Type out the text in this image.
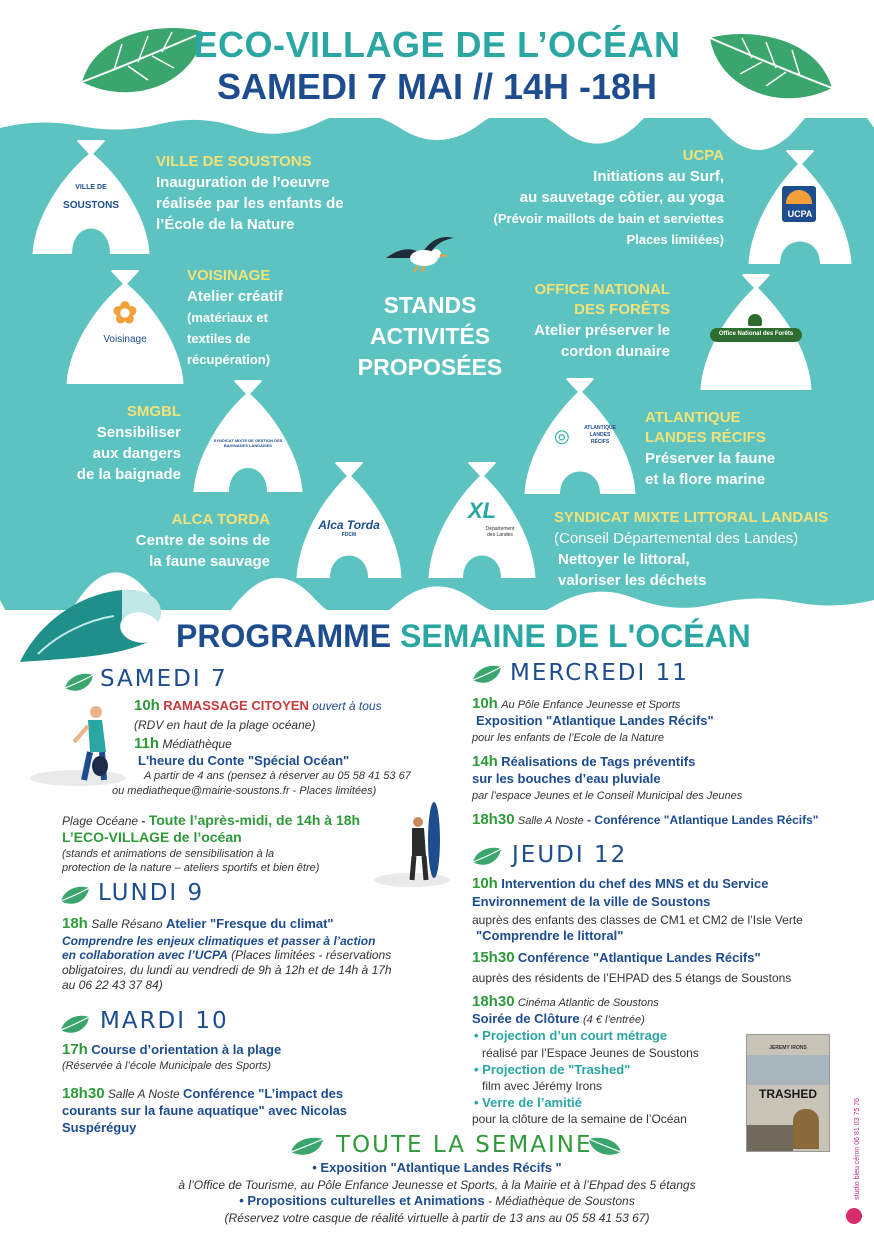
ECO-VILLAGE DE L’OCÉAN
SAMEDI 7 MAI // 14H -18H
VILLE DE
SOUSTONS
✿
Voisinage
SYNDICAT MIXTE DE GESTION DES BAIGNADES LANDAISES
Alca Torda
FDCM
XL
Département
des Landes
ATLANTIQUE
LANDES
RÉCIFS
◎
Office National des Forêts
UCPA
STANDS
ACTIVITÉS
PROPOSÉES
VILLE DE SOUSTONS
Inauguration de l'oeuvre
réalisée par les enfants de
l’École de la Nature
UCPA
Initiations au Surf,
au sauvetage côtier, au yoga
(Prévoir maillots de bain et serviettes
Places limitées)
VOISINAGE
Atelier créatif
(matériaux et
textiles de
récupération)
OFFICE NATIONAL
DES FORÊTS
Atelier préserver le
cordon dunaire
SMGBL
Sensibiliser
aux dangers
de la baignade
ATLANTIQUE
LANDES RÉCIFS
Préserver la faune
et la flore marine
ALCA TORDA
Centre de soins de
la faune sauvage
SYNDICAT MIXTE LITTORAL LANDAIS
(Conseil Départemental des Landes)
Nettoyer le littoral,
valoriser les déchets
PROGRAMME SEMAINE DE L'OCÉAN
SAMEDI 7
10h RAMASSAGE CITOYEN ouvert à tous
(RDV en haut de la plage océane)
11h Médiathèque
L'heure du Conte "Spécial Océan"
A partir de 4 ans (pensez à réserver au 05 58 41 53 67
ou mediatheque@mairie-soustons.fr - Places limitées)
Plage Océane - Toute l’après-midi, de 14h à 18h
L’ECO-VILLAGE de l’océan
(stands et animations de sensibilisation à la
protection de la nature – ateliers sportifs et bien être)
LUNDI 9
18h Salle Résano Atelier "Fresque du climat"
Comprendre les enjeux climatiques et passer à l’action
en collaboration avec l’UCPA (Places limitées - réservations
obligatoires, du lundi au vendredi de 9h à 12h et de 14h à 17h
au 06 22 43 37 84)
MARDI 10
17h Course d’orientation à la plage
(Réservée à l’école Municipale des Sports)
18h30 Salle A Noste Conférence "L’impact des
courants sur la faune aquatique" avec Nicolas
Suspéréguy
MERCREDI 11
10h Au Pôle Enfance Jeunesse et Sports
Exposition "Atlantique Landes Récifs"
pour les enfants de l’Ecole de la Nature
14h Réalisations de Tags préventifs
sur les bouches d’eau pluviale
par l’espace Jeunes et le Conseil Municipal des Jeunes
18h30 Salle A Noste - Conférence "Atlantique Landes Récifs"
JEUDI 12
10h Intervention du chef des MNS et du Service
Environnement de la ville de Soustons
auprès des enfants des classes de CM1 et CM2 de l’Isle Verte
"Comprendre le littoral"
15h30 Conférence "Atlantique Landes Récifs"
auprès des résidents de l’EHPAD des 5 étangs de Soustons
18h30 Cinéma Atlantic de Soustons
Soirée de Clôture (4 € l’entrée)
• Projection d’un court métrage
réalisé par l’Espace Jeunes de Soustons
• Projection de "Trashed"
film avec Jérémy Irons
• Verre de l’amitié
pour la clôture de la semaine de l’Océan
JEREMY IRONS
TRASHED
TOUTE LA SEMAINE
• Exposition "Atlantique Landes Récifs "
à l’Office de Tourisme, au Pôle Enfance Jeunesse et Sports, à la Mairie et à l’Ehpad des 5 étangs
• Propositions culturelles et Animations - Médiathèque de Soustons
(Réservez votre casque de réalité virtuelle à partir de 13 ans au 05 58 41 53 67)
studio bleu céron 06 81 03 75 76
